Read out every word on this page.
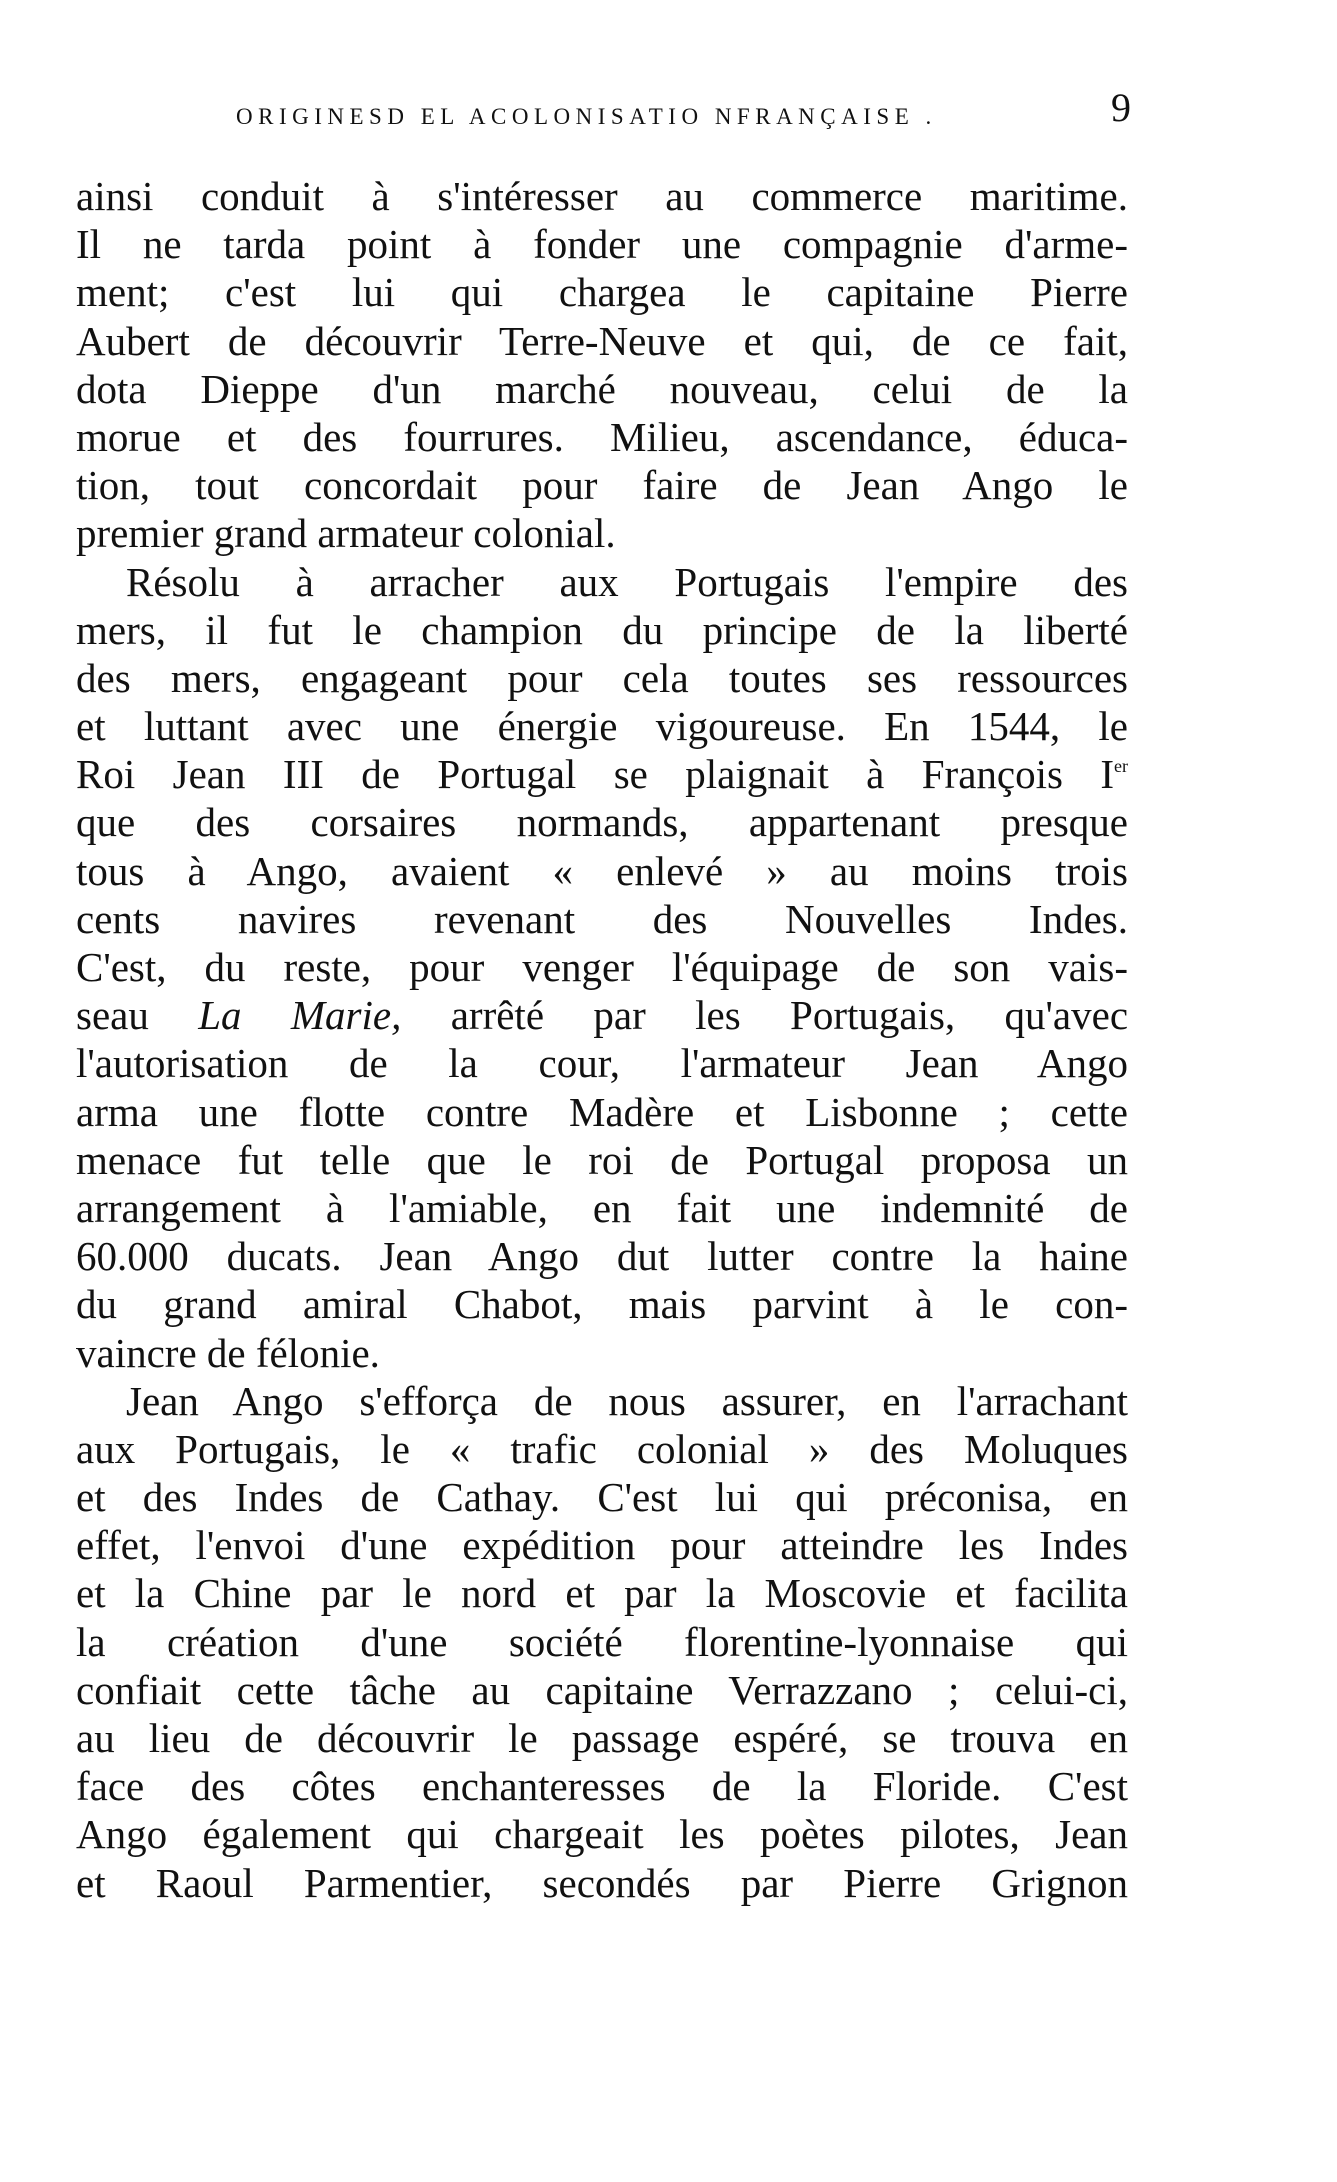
ORIGINESD EL ACOLONISATIO NFRANÇAISE .	9
ainsi conduit à s'intéresser au commerce maritime.
Il ne tarda point à fonder une compagnie d'arme-
ment; c'est lui qui chargea le capitaine Pierre
Aubert de découvrir Terre-Neuve et qui, de ce fait,
dota Dieppe d'un marché nouveau, celui de la
morue et des fourrures. Milieu, ascendance, éduca-
tion, tout concordait pour faire de Jean Ango le
premier grand armateur colonial.
Résolu à arracher aux Portugais l'empire des
mers, il fut le champion du principe de la liberté
des mers, engageant pour cela toutes ses ressources
et luttant avec une énergie vigoureuse. En 1544, le
Roi Jean III de Portugal se plaignait à François Ier
que des corsaires normands, appartenant presque
tous à Ango, avaient « enlevé » au moins trois
cents navires revenant des Nouvelles Indes.
C'est, du reste, pour venger l'équipage de son vais-
seau La Marie, arrêté par les Portugais, qu'avec
l'autorisation de la cour, l'armateur Jean Ango
arma une flotte contre Madère et Lisbonne ; cette
menace fut telle que le roi de Portugal proposa un
arrangement à l'amiable, en fait une indemnité de
60.000 ducats. Jean Ango dut lutter contre la haine
du grand amiral Chabot, mais parvint à le con-
vaincre de félonie.
Jean Ango s'efforça de nous assurer, en l'arrachant
aux Portugais, le « trafic colonial » des Moluques
et des Indes de Cathay. C'est lui qui préconisa, en
effet, l'envoi d'une expédition pour atteindre les Indes
et la Chine par le nord et par la Moscovie et facilita
la création d'une société florentine-lyonnaise qui
confiait cette tâche au capitaine Verrazzano ; celui-ci,
au lieu de découvrir le passage espéré, se trouva en
face des côtes enchanteresses de la Floride. C'est
Ango également qui chargeait les poètes pilotes, Jean
et Raoul Parmentier, secondés par Pierre Grignon
